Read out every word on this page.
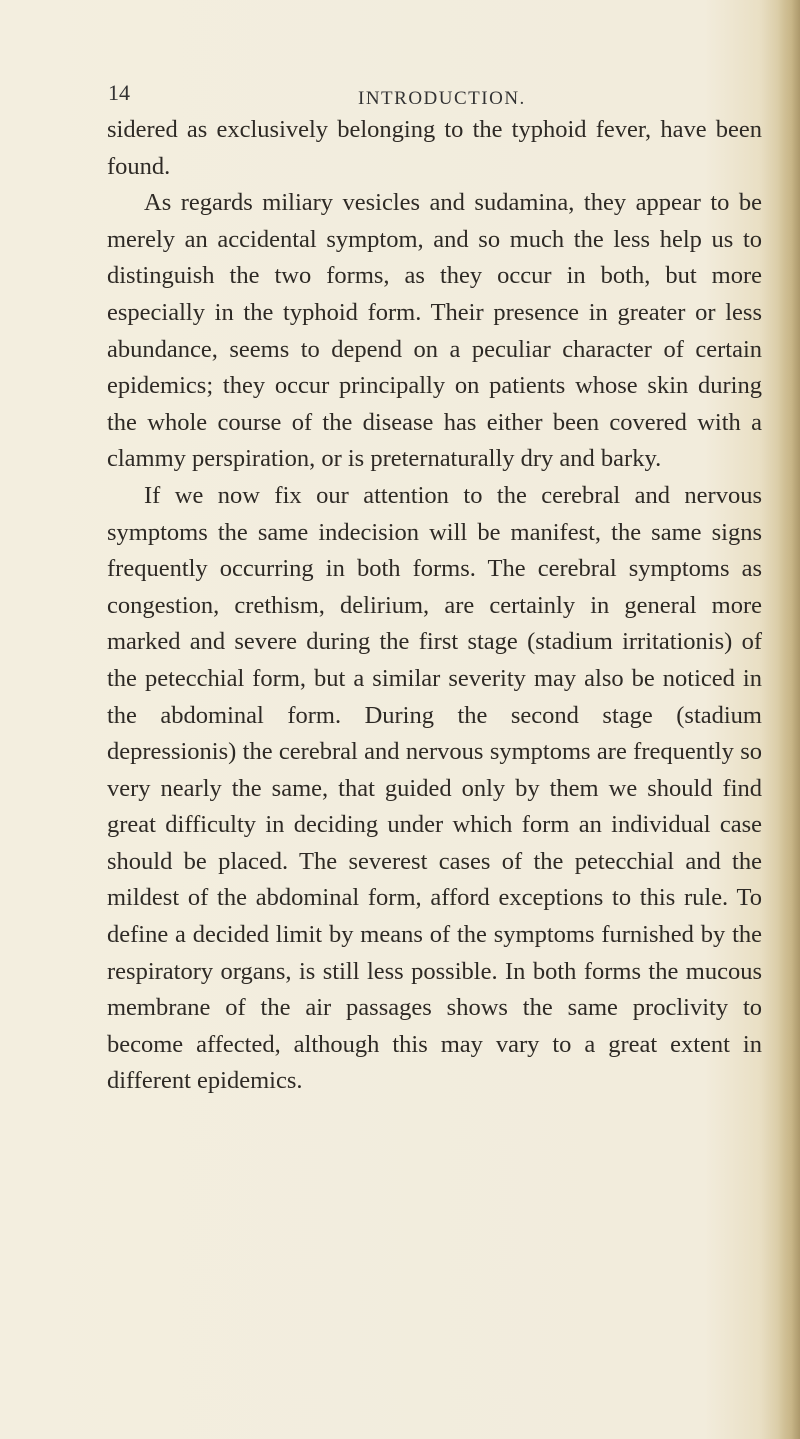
14	INTRODUCTION.

sidered as exclusively belonging to the typhoid fever, have been found.

As regards miliary vesicles and sudamina, they appear to be merely an accidental symptom, and so much the less help us to distinguish the two forms, as they occur in both, but more especially in the typhoid form. Their presence in greater or less abundance, seems to depend on a peculiar character of certain epidemics; they occur principally on patients whose skin during the whole course of the disease has either been covered with a clammy perspiration, or is preternaturally dry and barky.

If we now fix our attention to the cerebral and nervous symptoms the same indecision will be manifest, the same signs frequently occurring in both forms. The cerebral symptoms as congestion, crethism, delirium, are certainly in general more marked and severe during the first stage (stadium irritationis) of the petecchial form, but a similar severity may also be noticed in the abdominal form. During the second stage (stadium depressionis) the cerebral and nervous symptoms are frequently so very nearly the same, that guided only by them we should find great difficulty in deciding under which form an individual case should be placed. The severest cases of the petecchial and the mildest of the abdominal form, afford exceptions to this rule. To define a decided limit by means of the symptoms furnished by the respiratory organs, is still less possible. In both forms the mucous membrane of the air passages shows the same proclivity to become affected, although this may vary to a great extent in different epidemics.
